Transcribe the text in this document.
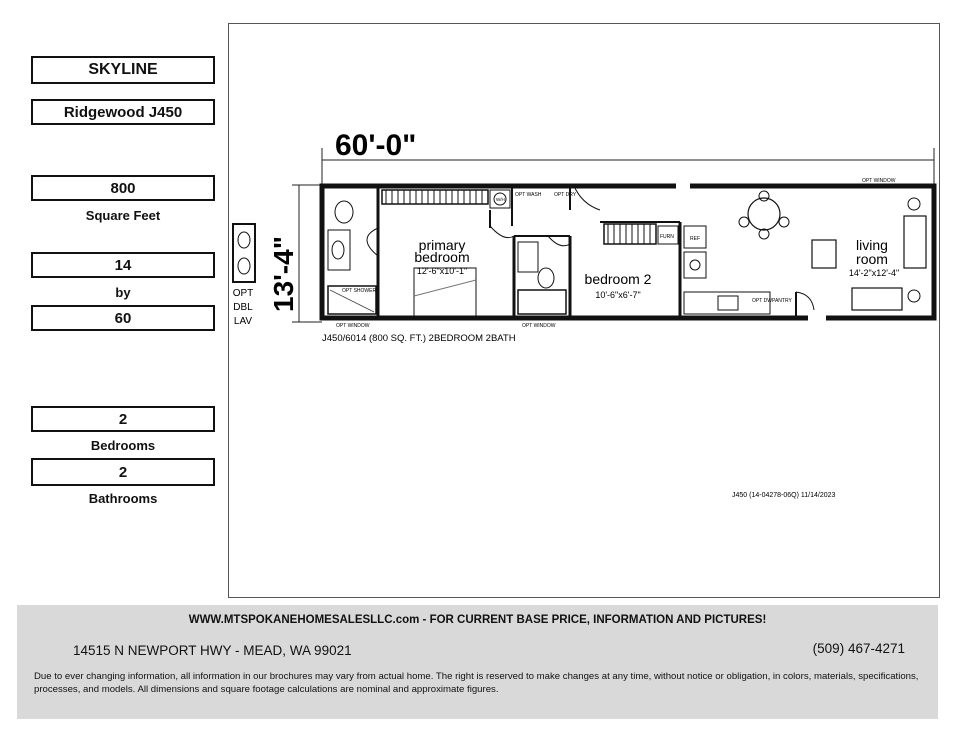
SKYLINE
Ridgewood J450
800
Square Feet
14
by
60
2
Bedrooms
2
Bathrooms
60'-0"
13'-4"
OPT
DBL
LAV
OPT SHOWER
W/H
OPT WASH	OPT DRY
primary
bedroom
12'-6"x10'-1"
FURN
bedroom 2
10'-6"x6'-7"
REF
OPT DW PANTRY
living
room
14'-2"x12'-4"
OPT WINDOW
OPT WINDOW	OPT WINDOW
J450/6014 (800 SQ. FT.) 2BEDROOM 2BATH
J450 (14-04278-06Q) 11/14/2023
WWW.MTSPOKANEHOMESALESLLC.com - FOR CURRENT BASE PRICE, INFORMATION AND PICTURES!
14515 N NEWPORT HWY - MEAD, WA 99021	(509) 467-4271
Due to ever changing information, all information in our brochures may vary from actual home. The right is reserved to make changes at any time, without notice or obligation, in colors, materials, specifications, processes, and models. All dimensions and square footage calculations are nominal and approximate figures.
